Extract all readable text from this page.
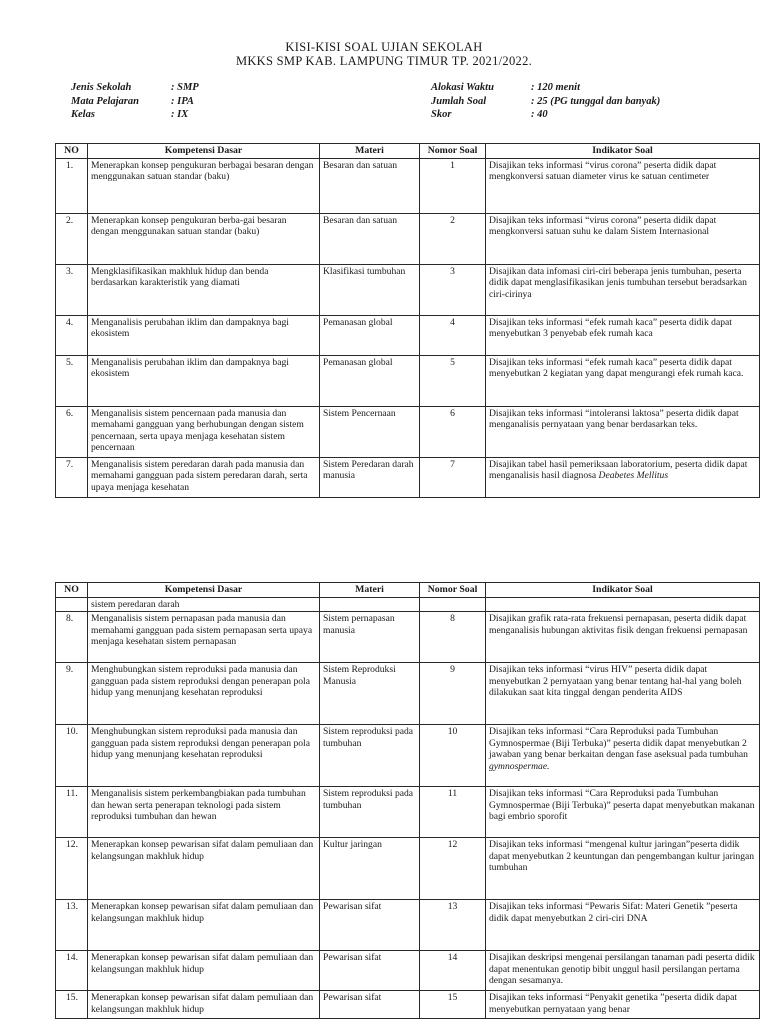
KISI-KISI SOAL UJIAN SEKOLAH
MKKS SMP KAB. LAMPUNG TIMUR TP. 2021/2022.
Jenis Sekolah	: SMP
Mata Pelajaran	: IPA
Kelas	: IX
Alokasi Waktu	: 120 menit
Jumlah Soal	: 25 (PG tunggal dan banyak)
Skor	: 40
NO	Kompetensi Dasar	Materi	Nomor Soal	Indikator Soal
1.	Menerapkan konsep pengukuran berbagai besaran dengan menggunakan satuan standar (baku)	Besaran dan satuan	1	Disajikan teks informasi “virus corona” peserta didik dapat mengkonversi satuan diameter virus ke satuan centimeter
2.	Menerapkan konsep pengukuran berba-gai besaran dengan menggunakan satuan standar (baku)	Besaran dan satuan	2	Disajikan teks informasi “virus corona” peserta didik dapat mengkonversi satuan suhu ke dalam Sistem Internasional
3.	Mengklasifikasikan makhluk hidup dan benda berdasarkan karakteristik yang diamati	Klasifikasi tumbuhan	3	Disajikan data infomasi ciri-ciri beberapa jenis tumbuhan, peserta didik dapat menglasifikasikan jenis tumbuhan tersebut beradsarkan ciri-cirinya
4.	Menganalisis perubahan iklim dan dampaknya bagi ekosistem	Pemanasan global	4	Disajikan teks informasi “efek rumah kaca” peserta didik dapat menyebutkan 3 penyebab efek rumah kaca
5.	Menganalisis perubahan iklim dan dampaknya bagi ekosistem	Pemanasan global	5	Disajikan teks informasi “efek rumah kaca” peserta didik dapat menyebutkan 2 kegiatan yang dapat mengurangi efek rumah kaca.
6.	Menganalisis sistem pencernaan pada manusia dan memahami gangguan yang berhubungan dengan sistem pencernaan, serta upaya menjaga kesehatan sistem pencernaan	Sistem Pencernaan	6	Disajikan teks informasi “intoleransi laktosa” peserta didik dapat menganalisis pernyataan yang benar berdasarkan teks.
7.	Menganalisis sistem peredaran darah pada manusia dan memahami gangguan pada sistem peredaran darah, serta upaya menjaga kesehatan	Sistem Peredaran darah manusia	7	Disajikan tabel hasil pemeriksaan laboratorium, peserta didik dapat menganalisis hasil diagnosa Deabetes Mellitus
NO	Kompetensi Dasar	Materi	Nomor Soal	Indikator Soal
	sistem peredaran darah			
8.	Menganalisis sistem pernapasan pada manusia dan memahami gangguan pada sistem pernapasan serta upaya menjaga kesehatan sistem pernapasan	Sistem pernapasan manusia	8	Disajikan grafik rata-rata frekuensi pernapasan, peserta didik dapat menganalisis hubungan aktivitas fisik dengan frekuensi pernapasan
9.	Menghubungkan sistem reproduksi pada manusia dan gangguan pada sistem reproduksi dengan penerapan pola hidup yang menunjang kesehatan reproduksi	Sistem Reproduksi Manusia	9	Disajikan teks informasi “virus HIV” peserta didik dapat menyebutkan 2 pernyataan yang benar tentang hal-hal yang boleh dilakukan saat kita tinggal dengan penderita AIDS
10.	Menghubungkan sistem reproduksi pada manusia dan gangguan pada sistem reproduksi dengan penerapan pola hidup yang menunjang kesehatan reproduksi	Sistem reproduksi pada tumbuhan	10	Disajikan teks informasi “Cara Reproduksi pada Tumbuhan Gymnospermae (Biji Terbuka)” peserta didik dapat menyebutkan 2 jawaban yang benar berkaitan dengan fase aseksual pada tumbuhan gymnospermae.
11.	Menganalisis sistem perkembangbiakan pada tumbuhan dan hewan serta penerapan teknologi pada sistem reproduksi tumbuhan dan hewan	Sistem reproduksi pada tumbuhan	11	Disajikan teks informasi “Cara Reproduksi pada Tumbuhan Gymnospermae (Biji Terbuka)” peserta dapat menyebutkan makanan bagi embrio sporofit
12.	Menerapkan konsep pewarisan sifat dalam pemuliaan dan kelangsungan makhluk hidup	Kultur jaringan	12	Disajikan teks informasi “mengenal kultur jaringan”peserta didik dapat menyebutkan 2 keuntungan dan pengembangan kultur jaringan tumbuhan
13.	Menerapkan konsep pewarisan sifat dalam pemuliaan dan kelangsungan makhluk hidup	Pewarisan sifat	13	Disajikan teks informasi “Pewaris Sifat: Materi Genetik ”peserta didik dapat menyebutkan 2 ciri-ciri DNA
14.	Menerapkan konsep pewarisan sifat dalam pemuliaan dan kelangsungan makhluk hidup	Pewarisan sifat	14	Disajikan deskripsi mengenai persilangan tanaman padi peserta didik dapat menentukan genotip bibit unggul hasil persilangan pertama dengan sesamanya.
15.	Menerapkan konsep pewarisan sifat dalam pemuliaan dan kelangsungan makhluk hidup	Pewarisan sifat	15	Disajikan teks informasi “Penyakit genetika ”peserta didik dapat menyebutkan pernyataan yang benar
